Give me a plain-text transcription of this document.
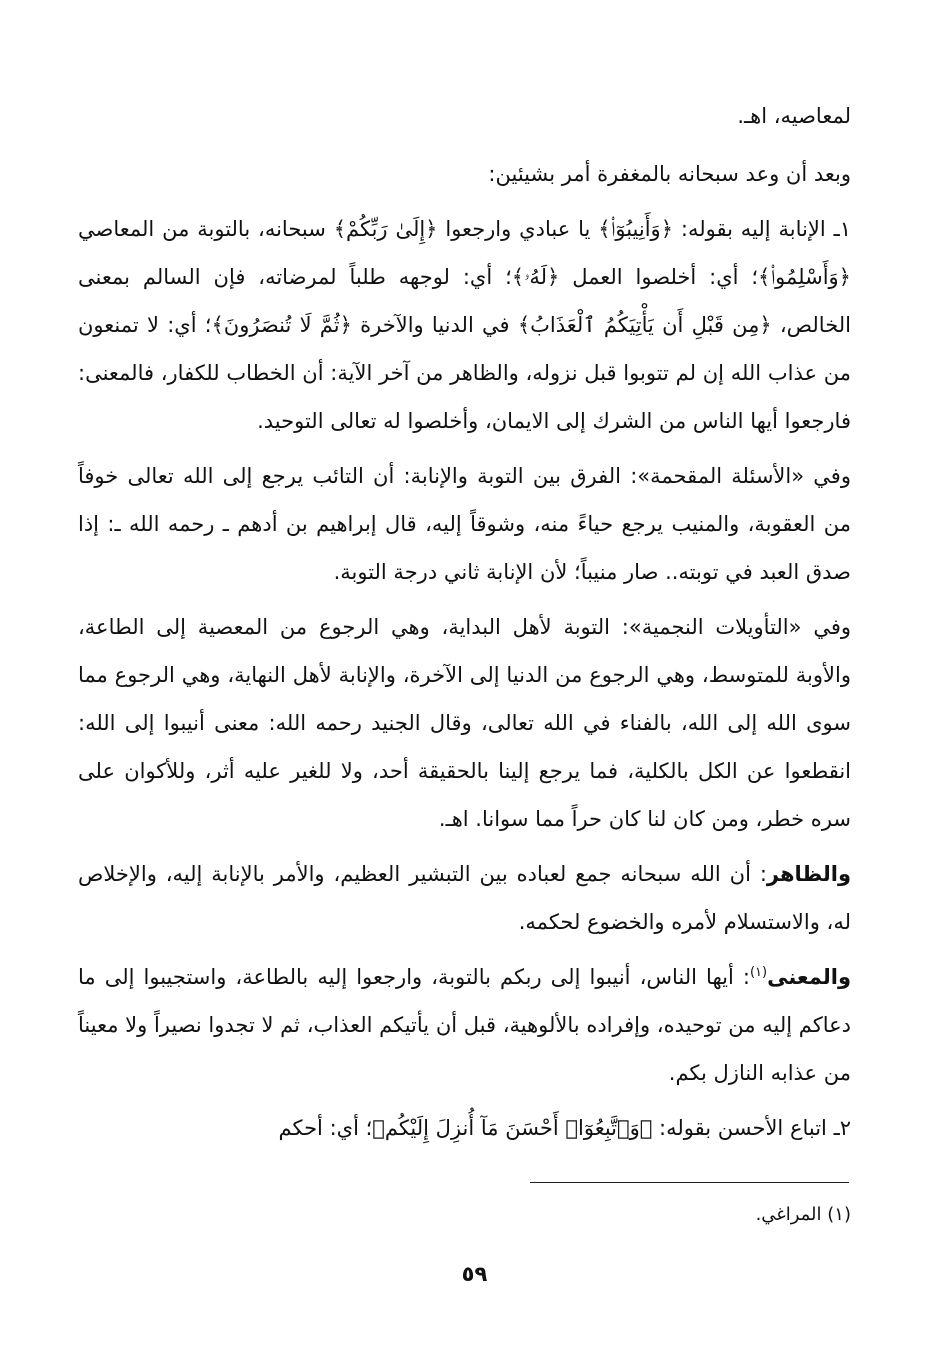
لمعاصيه، اهـ.

وبعد أن وعد سبحانه بالمغفرة أمر بشيئين:

١ـ الإنابة إليه بقوله: ﴿وَأَنِيبُوٓا۟﴾ يا عبادي وارجعوا ﴿إِلَىٰ رَبِّكُمْ﴾ سبحانه، بالتوبة من المعاصي ﴿وَأَسْلِمُوا۟﴾؛ أي: أخلصوا العمل ﴿لَهُۥ﴾؛ أي: لوجهه طلباً لمرضاته، فإن السالم بمعنى الخالص، ﴿مِن قَبْلِ أَن يَأْتِيَكُمُ ٱلْعَذَابُ﴾ في الدنيا والآخرة ﴿ثُمَّ لَا تُنصَرُونَ﴾؛ أي: لا تمنعون من عذاب الله إن لم تتوبوا قبل نزوله، والظاهر من آخر الآية: أن الخطاب للكفار، فالمعنى: فارجعوا أيها الناس من الشرك إلى الايمان، وأخلصوا له تعالى التوحيد.

وفي «الأسئلة المقحمة»: الفرق بين التوبة والإنابة: أن التائب يرجع إلى الله تعالى خوفاً من العقوبة، والمنيب يرجع حياءً منه، وشوقاً إليه، قال إبراهيم بن أدهم ـ رحمه الله ـ: إذا صدق العبد في توبته.. صار منيباً؛ لأن الإنابة ثاني درجة التوبة.

وفي «التأويلات النجمية»: التوبة لأهل البداية، وهي الرجوع من المعصية إلى الطاعة، والأوبة للمتوسط، وهي الرجوع من الدنيا إلى الآخرة، والإنابة لأهل النهاية، وهي الرجوع مما سوى الله إلى الله، بالفناء في الله تعالى، وقال الجنيد رحمه الله: معنى أنيبوا إلى الله: انقطعوا عن الكل بالكلية، فما يرجع إلينا بالحقيقة أحد، ولا للغير عليه أثر، وللأكوان على سره خطر، ومن كان لنا كان حراً مما سوانا. اهـ.

والظاهر: أن الله سبحانه جمع لعباده بين التبشير العظيم، والأمر بالإنابة إليه، والإخلاص له، والاستسلام لأمره والخضوع لحكمه.

والمعنى$^{(١)}$: أيها الناس، أنيبوا إلى ربكم بالتوبة، وارجعوا إليه بالطاعة، واستجيبوا إلى ما دعاكم إليه من توحيده، وإفراده بالألوهية، قبل أن يأتيكم العذاب، ثم لا تجدوا نصيراً ولا معيناً من عذابه النازل بكم.

٢ـ اتباع الأحسن بقوله: ﴿وَٱتَّبِعُوٓا۟ أَحْسَنَ مَآ أُنزِلَ إِلَيْكُم﴾؛ أي: أحكم

(١) المراغي.
٥٩
